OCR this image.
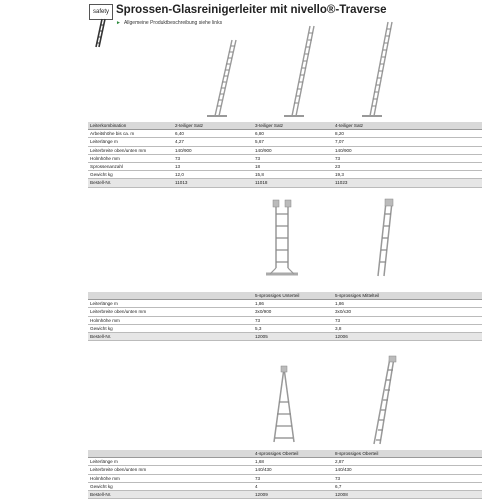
safety Sprossen-Glasreinigerleiter mit nivello®-Traverse
► Allgemeine Produktbeschreibung siehe links
Leiterkombination	2-teiliger Satz	3-teiliger Satz	4-teiliger Satz
Arbeitshöhe bis ca. m	6,40	6,80	8,20
Leiterlänge m	4,27	5,67	7,07
Leiterbreite oben/unten mm	140/900	140/900	140/900
Holmhöhe mm	73	73	73
Sprossenanzahl	13	18	23
Gewicht kg	12,0	15,8	19,3
Bestell-Nr.	11013	11018	11023
	5-sprossiges Unterteil	5-sprossiges Mittelteil
Leiterlänge m	1,86	1,86
Leiterbreite oben/unten mm	3x0/900	3x0/x30
Holmhöhe mm	73	73
Gewicht kg	5,3	3,8
Bestell-Nr.	12005	12006
	4-sprossiges Oberteil	8-sprossiges Oberteil
Leiterlänge m	1,68	2,87
Leiterbreite oben/unten mm	140/430	140/430
Holmhöhe mm	73	73
Gewicht kg	4	6,7
Bestell-Nr.	12009	12008
